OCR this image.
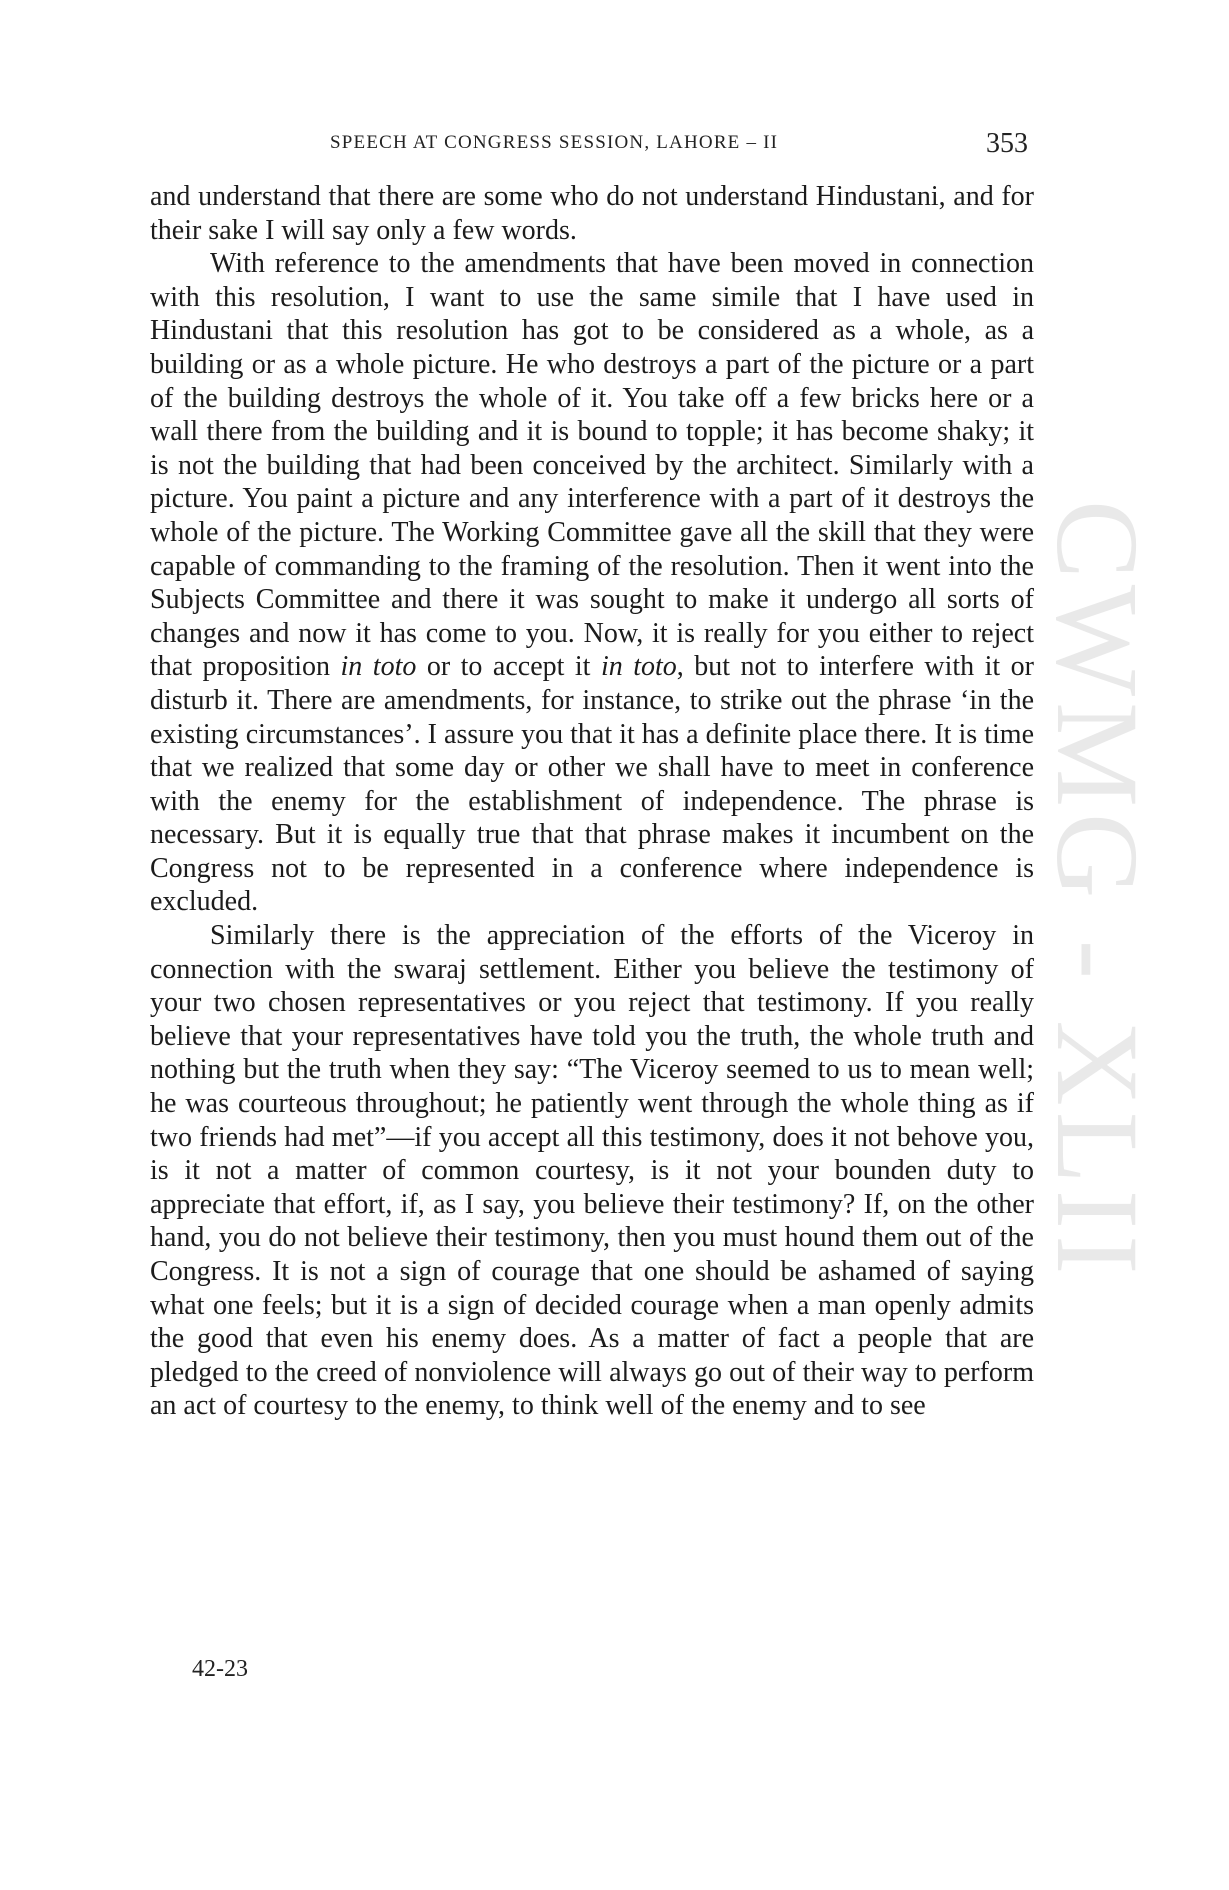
CWMG - XLII
SPEECH AT CONGRESS SESSION, LAHORE – II	353

and understand that there are some who do not understand Hindustani, and for their sake I will say only a few words.

With reference to the amendments that have been moved in connection with this resolution, I want to use the same simile that I have used in Hindustani that this resolution has got to be considered as a whole, as a building or as a whole picture. He who destroys a part of the picture or a part of the building destroys the whole of it. You take off a few bricks here or a wall there from the building and it is bound to topple; it has become shaky; it is not the building that had been conceived by the architect. Similarly with a picture. You paint a picture and any interference with a part of it destroys the whole of the picture. The Working Committee gave all the skill that they were capable of commanding to the framing of the resolution. Then it went into the Subjects Committee and there it was sought to make it undergo all sorts of changes and now it has come to you. Now, it is really for you either to reject that proposition in toto or to accept it in toto, but not to interfere with it or disturb it. There are amendments, for instance, to strike out the phrase ‘in the existing circumstances’. I assure you that it has a definite place there. It is time that we realized that some day or other we shall have to meet in conference with the enemy for the establishment of independence. The phrase is necessary. But it is equally true that that phrase makes it incumbent on the Congress not to be represented in a conference where independence is excluded.

Similarly there is the appreciation of the efforts of the Viceroy in connection with the swaraj settlement. Either you believe the testimony of your two chosen representatives or you reject that testimony. If you really believe that your representatives have told you the truth, the whole truth and nothing but the truth when they say: “The Viceroy seemed to us to mean well; he was courteous throughout; he patiently went through the whole thing as if two friends had met”—if you accept all this testimony, does it not behove you, is it not a matter of common courtesy, is it not your bounden duty to appreciate that effort, if, as I say, you believe their testimony? If, on the other hand, you do not believe their testimony, then you must hound them out of the Congress. It is not a sign of courage that one should be ashamed of saying what one feels; but it is a sign of decided courage when a man openly admits the good that even his enemy does. As a matter of fact a people that are pledged to the creed of nonviolence will always go out of their way to perform an act of courtesy to the enemy, to think well of the enemy and to see

42-23
